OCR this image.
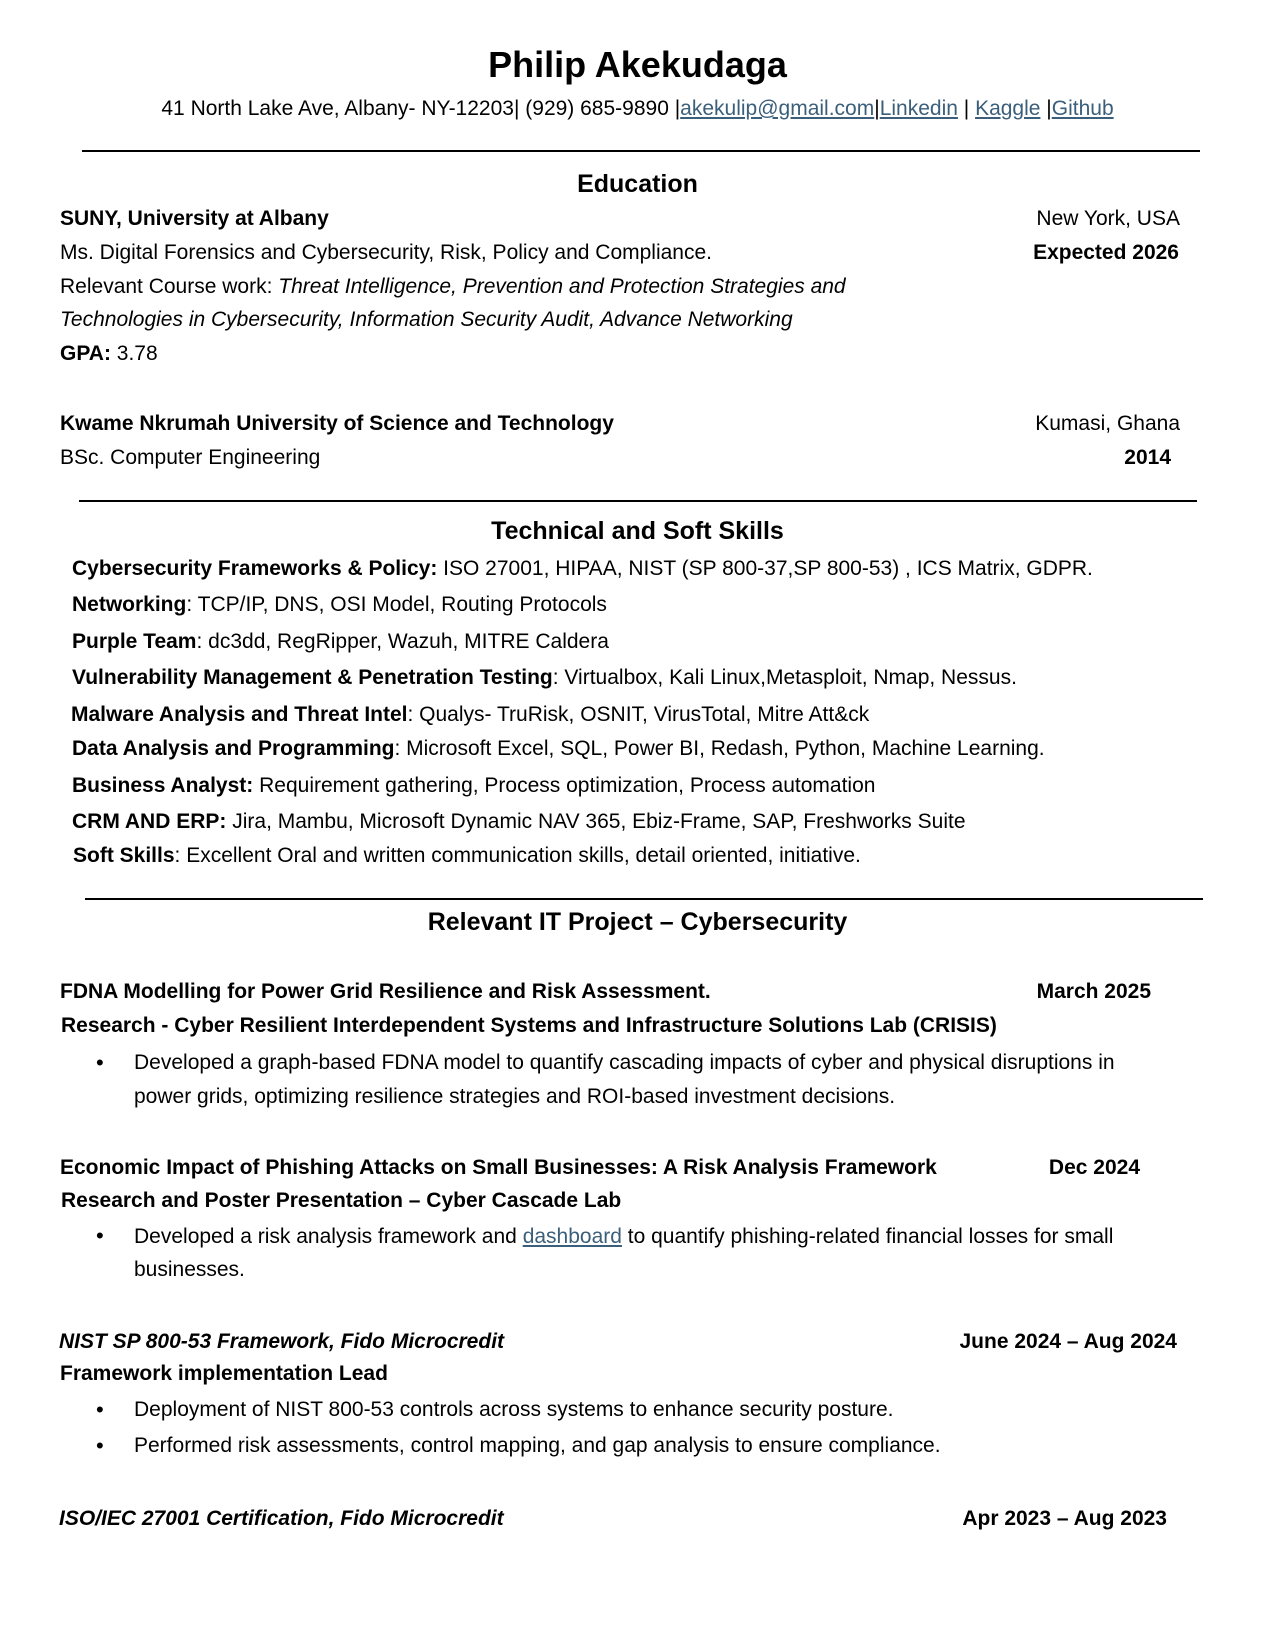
Philip Akekudaga
41 North Lake Ave, Albany- NY-12203| (929) 685-9890 |akekulip@gmail.com|Linkedin | Kaggle |Github
Education
SUNY, University at Albany	New York, USA
Ms. Digital Forensics and Cybersecurity, Risk, Policy and Compliance.	Expected 2026
Relevant Course work: Threat Intelligence, Prevention and Protection Strategies and
Technologies in Cybersecurity, Information Security Audit, Advance Networking
GPA: 3.78
Kwame Nkrumah University of Science and Technology	Kumasi, Ghana
BSc. Computer Engineering	2014
Technical and Soft Skills
Cybersecurity Frameworks & Policy: ISO 27001, HIPAA, NIST (SP 800-37,SP 800-53) , ICS Matrix, GDPR.
Networking: TCP/IP, DNS, OSI Model, Routing Protocols
Purple Team: dc3dd, RegRipper, Wazuh, MITRE Caldera
Vulnerability Management & Penetration Testing: Virtualbox, Kali Linux,Metasploit, Nmap, Nessus.
Malware Analysis and Threat Intel: Qualys- TruRisk, OSNIT, VirusTotal, Mitre Att&ck
Data Analysis and Programming: Microsoft Excel, SQL, Power BI, Redash, Python, Machine Learning.
Business Analyst: Requirement gathering, Process optimization, Process automation
CRM AND ERP: Jira, Mambu, Microsoft Dynamic NAV 365, Ebiz-Frame, SAP, Freshworks Suite
Soft Skills: Excellent Oral and written communication skills, detail oriented, initiative.
Relevant IT Project – Cybersecurity
FDNA Modelling for Power Grid Resilience and Risk Assessment.	March 2025
Research - Cyber Resilient Interdependent Systems and Infrastructure Solutions Lab (CRISIS)
• Developed a graph-based FDNA model to quantify cascading impacts of cyber and physical disruptions in
power grids, optimizing resilience strategies and ROI-based investment decisions.
Economic Impact of Phishing Attacks on Small Businesses: A Risk Analysis Framework	Dec 2024
Research and Poster Presentation – Cyber Cascade Lab
• Developed a risk analysis framework and dashboard to quantify phishing-related financial losses for small
businesses.
NIST SP 800-53 Framework, Fido Microcredit	June 2024 – Aug 2024
Framework implementation Lead
• Deployment of NIST 800-53 controls across systems to enhance security posture.
• Performed risk assessments, control mapping, and gap analysis to ensure compliance.
ISO/IEC 27001 Certification, Fido Microcredit	Apr 2023 – Aug 2023
